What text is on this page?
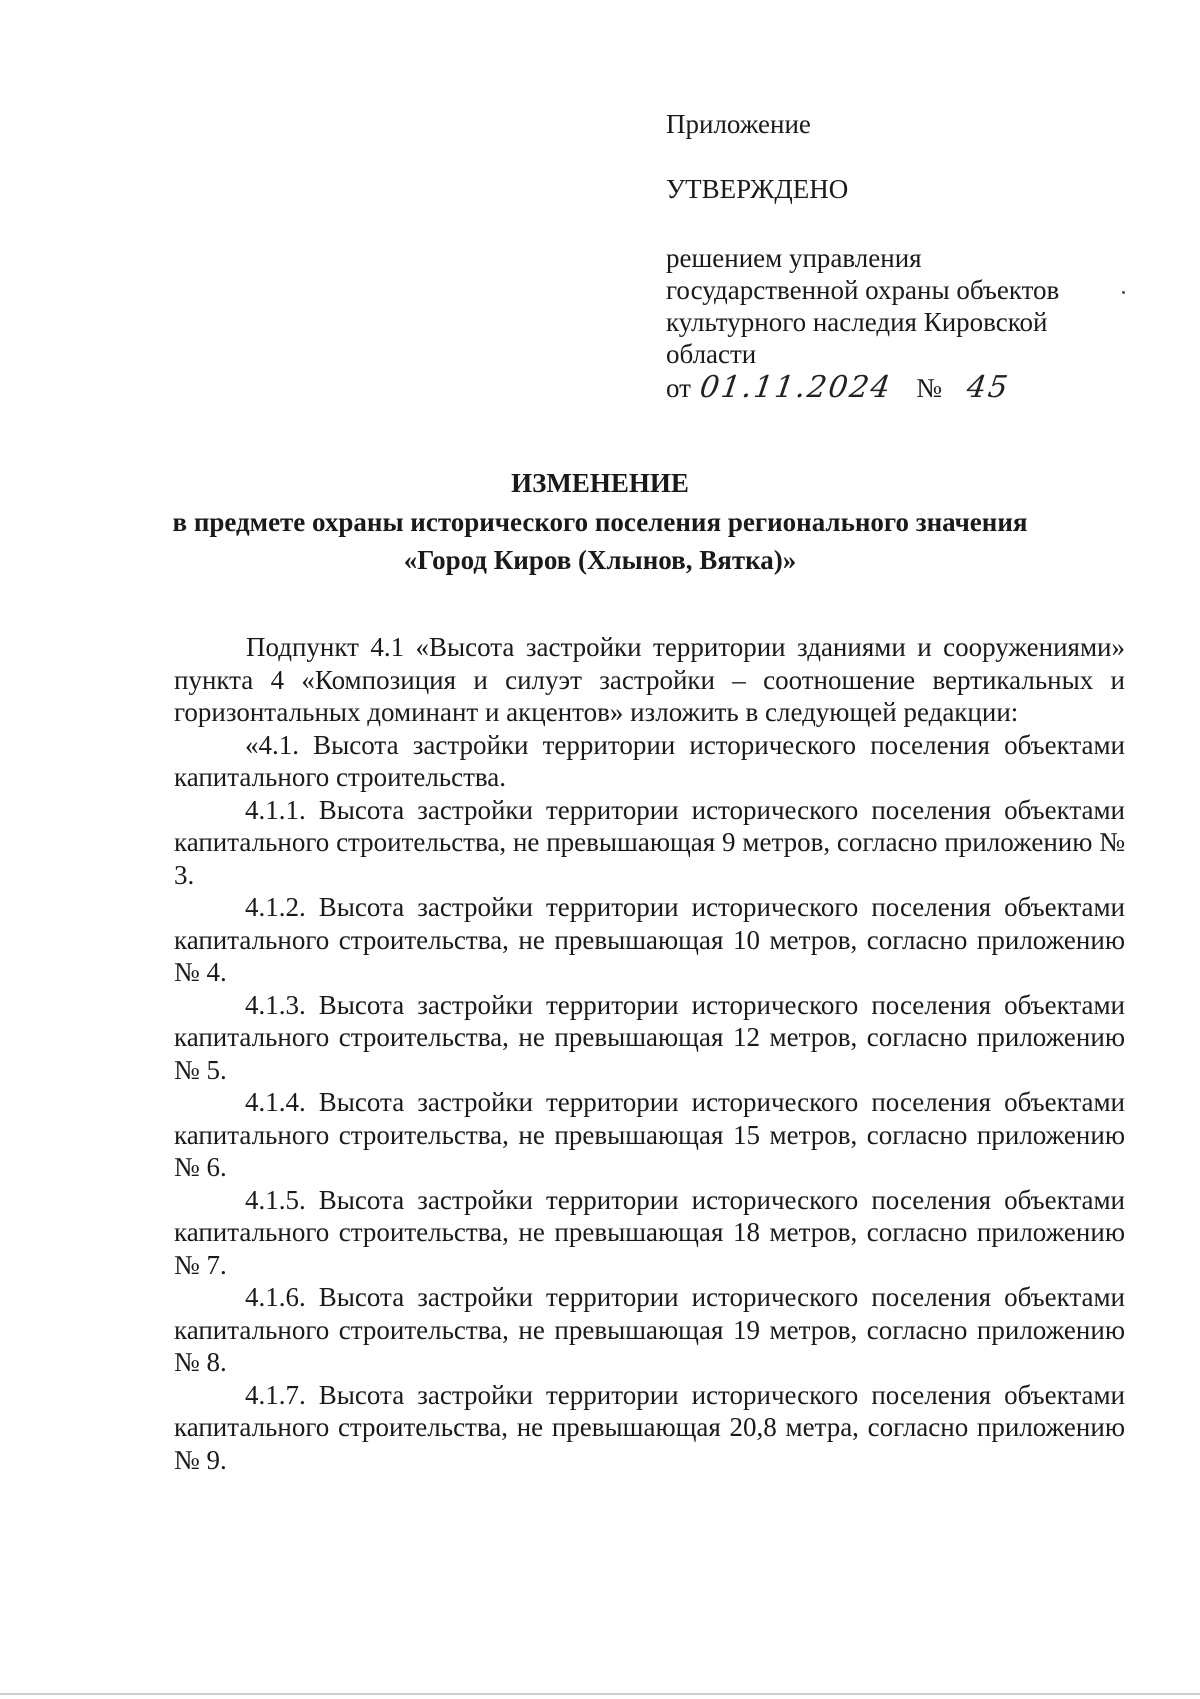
Приложение
УТВЕРЖДЕНО
решением управления
государственной охраны объектов
культурного наследия Кировской
области
от 01.11.2024 № 45
ИЗМЕНЕНИЕ
в предмете охраны исторического поселения регионального значения
«Город Киров (Хлынов, Вятка)»

Подпункт 4.1 «Высота застройки территории зданиями и сооружениями» пункта 4 «Композиция и силуэт застройки – соотношение вертикальных и горизонтальных доминант и акцентов» изложить в следующей редакции:

«4.1. Высота застройки территории исторического поселения объектами капитального строительства.

4.1.1. Высота застройки территории исторического поселения объектами капитального строительства, не превышающая 9 метров, согласно приложению № 3.

4.1.2. Высота застройки территории исторического поселения объектами капитального строительства, не превышающая 10 метров, согласно приложению № 4.

4.1.3. Высота застройки территории исторического поселения объектами капитального строительства, не превышающая 12 метров, согласно приложению № 5.

4.1.4. Высота застройки территории исторического поселения объектами капитального строительства, не превышающая 15 метров, согласно приложению № 6.

4.1.5. Высота застройки территории исторического поселения объектами капитального строительства, не превышающая 18 метров, согласно приложению № 7.

4.1.6. Высота застройки территории исторического поселения объектами капитального строительства, не превышающая 19 метров, согласно приложению № 8.

4.1.7. Высота застройки территории исторического поселения объектами капитального строительства, не превышающая 20,8 метра, согласно приложению № 9.
